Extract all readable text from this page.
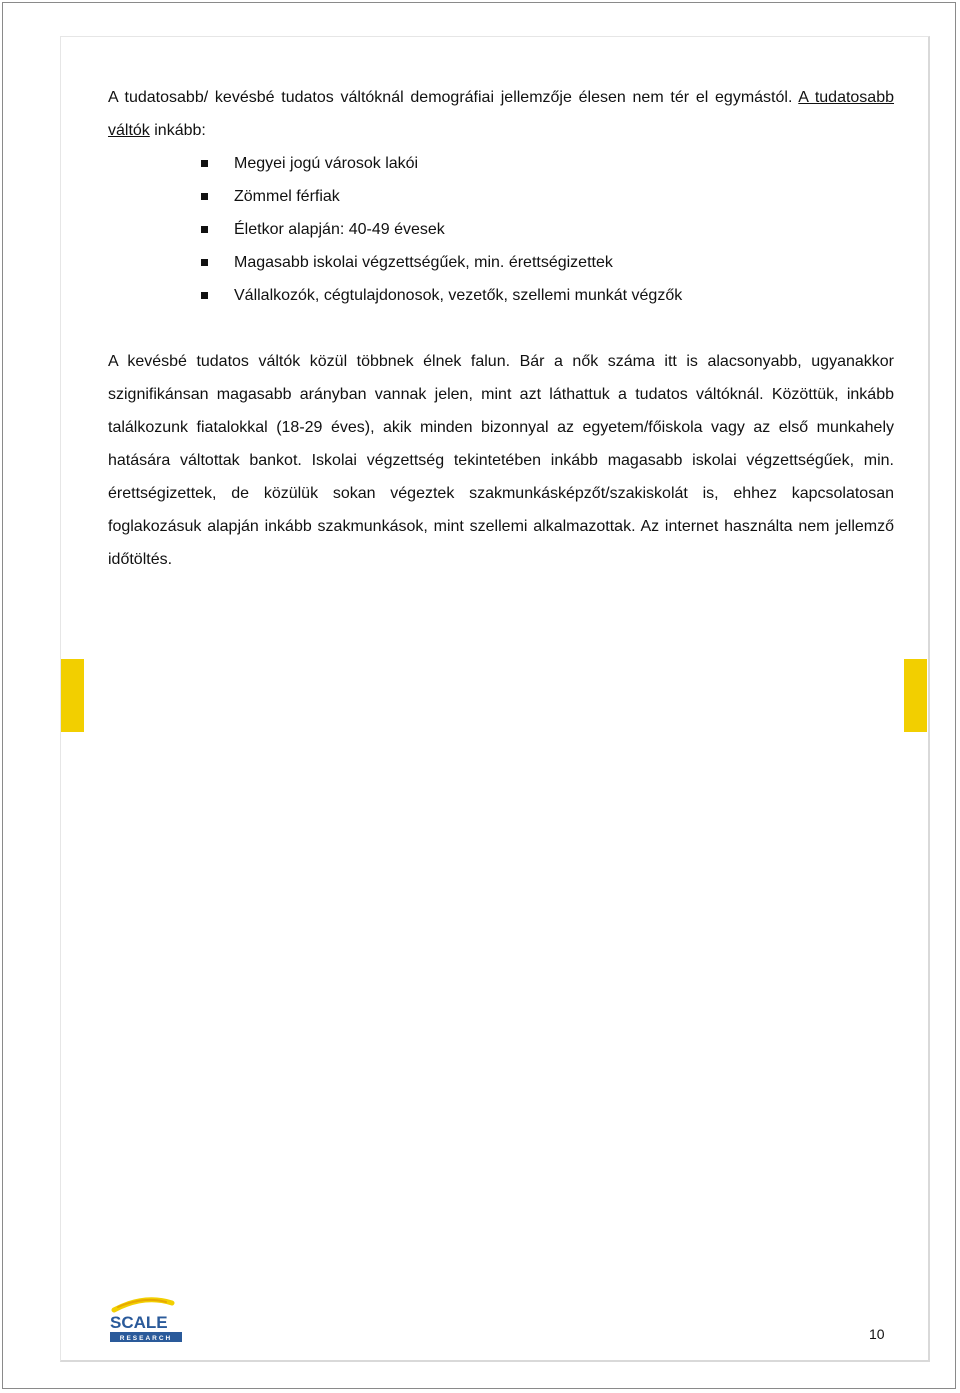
A tudatosabb/ kevésbé tudatos váltóknál demográfiai jellemzője élesen nem tér el egymástól. A tudatosabb

váltók inkább:

Megyei jogú városok lakói
Zömmel férfiak
Életkor alapján: 40-49 évesek
Magasabb iskolai végzettségűek, min. érettségizettek
Vállalkozók, cégtulajdonosok, vezetők, szellemi munkát végzők

A kevésbé tudatos váltók közül többnek élnek falun. Bár a nők száma itt is alacsonyabb, ugyanakkor

szignifikánsan magasabb arányban vannak jelen, mint azt láthattuk a tudatos váltóknál. Közöttük, inkább

találkozunk fiatalokkal (18-29 éves), akik minden bizonnyal az egyetem/főiskola vagy az első munkahely

hatására váltottak bankot. Iskolai végzettség tekintetében inkább magasabb iskolai végzettségűek, min.

érettségizettek, de közülük sokan végeztek szakmunkásképzőt/szakiskolát is, ehhez kapcsolatosan

foglakozásuk alapján inkább szakmunkások, mint szellemi alkalmazottak. Az internet használta nem jellemző

időtöltés.

SCALE
RESEARCH	10
